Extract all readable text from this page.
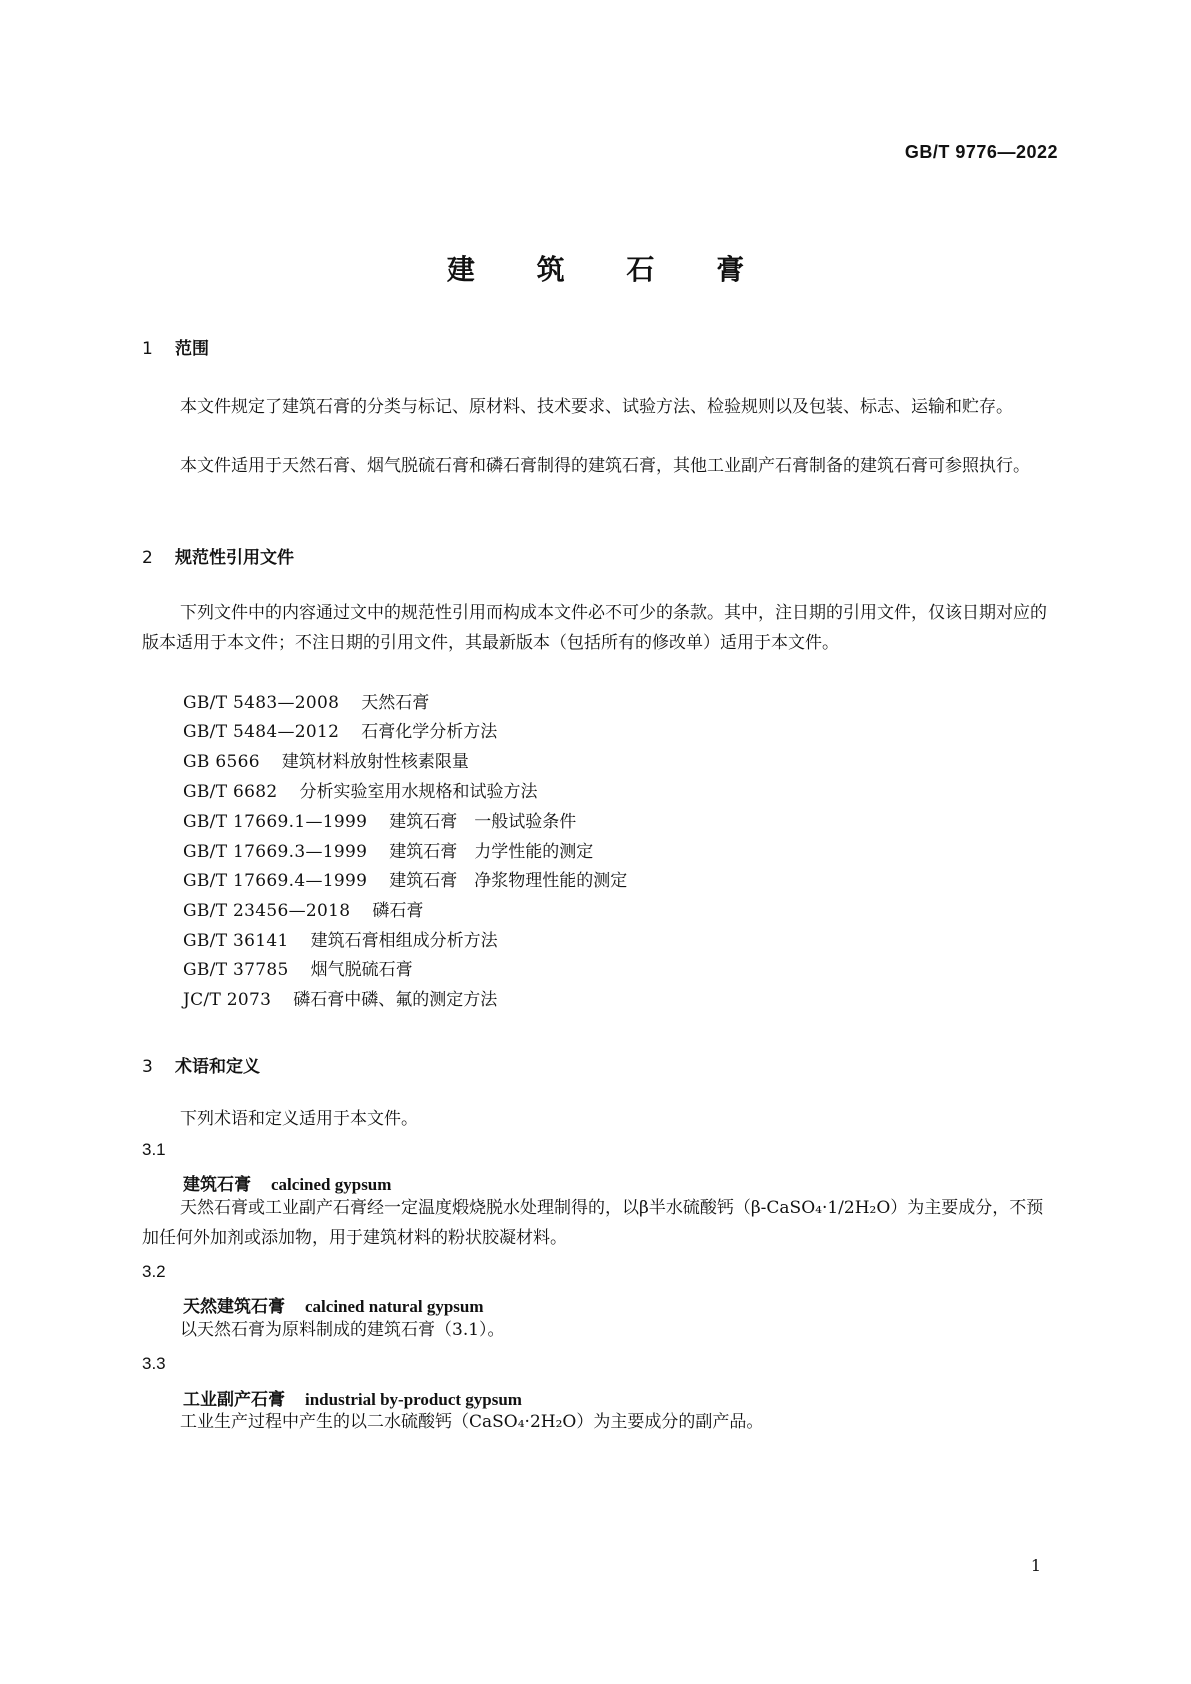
GB/T 9776—2022
建 筑 石 膏
1 范围
本文件规定了建筑石膏的分类与标记、原材料、技术要求、试验方法、检验规则以及包装、标志、运输和贮存。
本文件适用于天然石膏、烟气脱硫石膏和磷石膏制得的建筑石膏，其他工业副产石膏制备的建筑石膏可参照执行。
2 规范性引用文件
下列文件中的内容通过文中的规范性引用而构成本文件必不可少的条款。其中，注日期的引用文件，仅该日期对应的版本适用于本文件；不注日期的引用文件，其最新版本（包括所有的修改单）适用于本文件。
GB/T 5483—2008 天然石膏
GB/T 5484—2012 石膏化学分析方法
GB 6566 建筑材料放射性核素限量
GB/T 6682 分析实验室用水规格和试验方法
GB/T 17669.1—1999 建筑石膏　一般试验条件
GB/T 17669.3—1999 建筑石膏　力学性能的测定
GB/T 17669.4—1999 建筑石膏　净浆物理性能的测定
GB/T 23456—2018 磷石膏
GB/T 36141 建筑石膏相组成分析方法
GB/T 37785 烟气脱硫石膏
JC/T 2073 磷石膏中磷、氟的测定方法
3 术语和定义
下列术语和定义适用于本文件。
3.1
建筑石膏 calcined gypsum
天然石膏或工业副产石膏经一定温度煅烧脱水处理制得的，以β半水硫酸钙（β-CaSO₄·1/2H₂O）为主要成分，不预加任何外加剂或添加物，用于建筑材料的粉状胶凝材料。
3.2
天然建筑石膏 calcined natural gypsum
以天然石膏为原料制成的建筑石膏（3.1）。
3.3
工业副产石膏 industrial by-product gypsum
工业生产过程中产生的以二水硫酸钙（CaSO₄·2H₂O）为主要成分的副产品。
1
